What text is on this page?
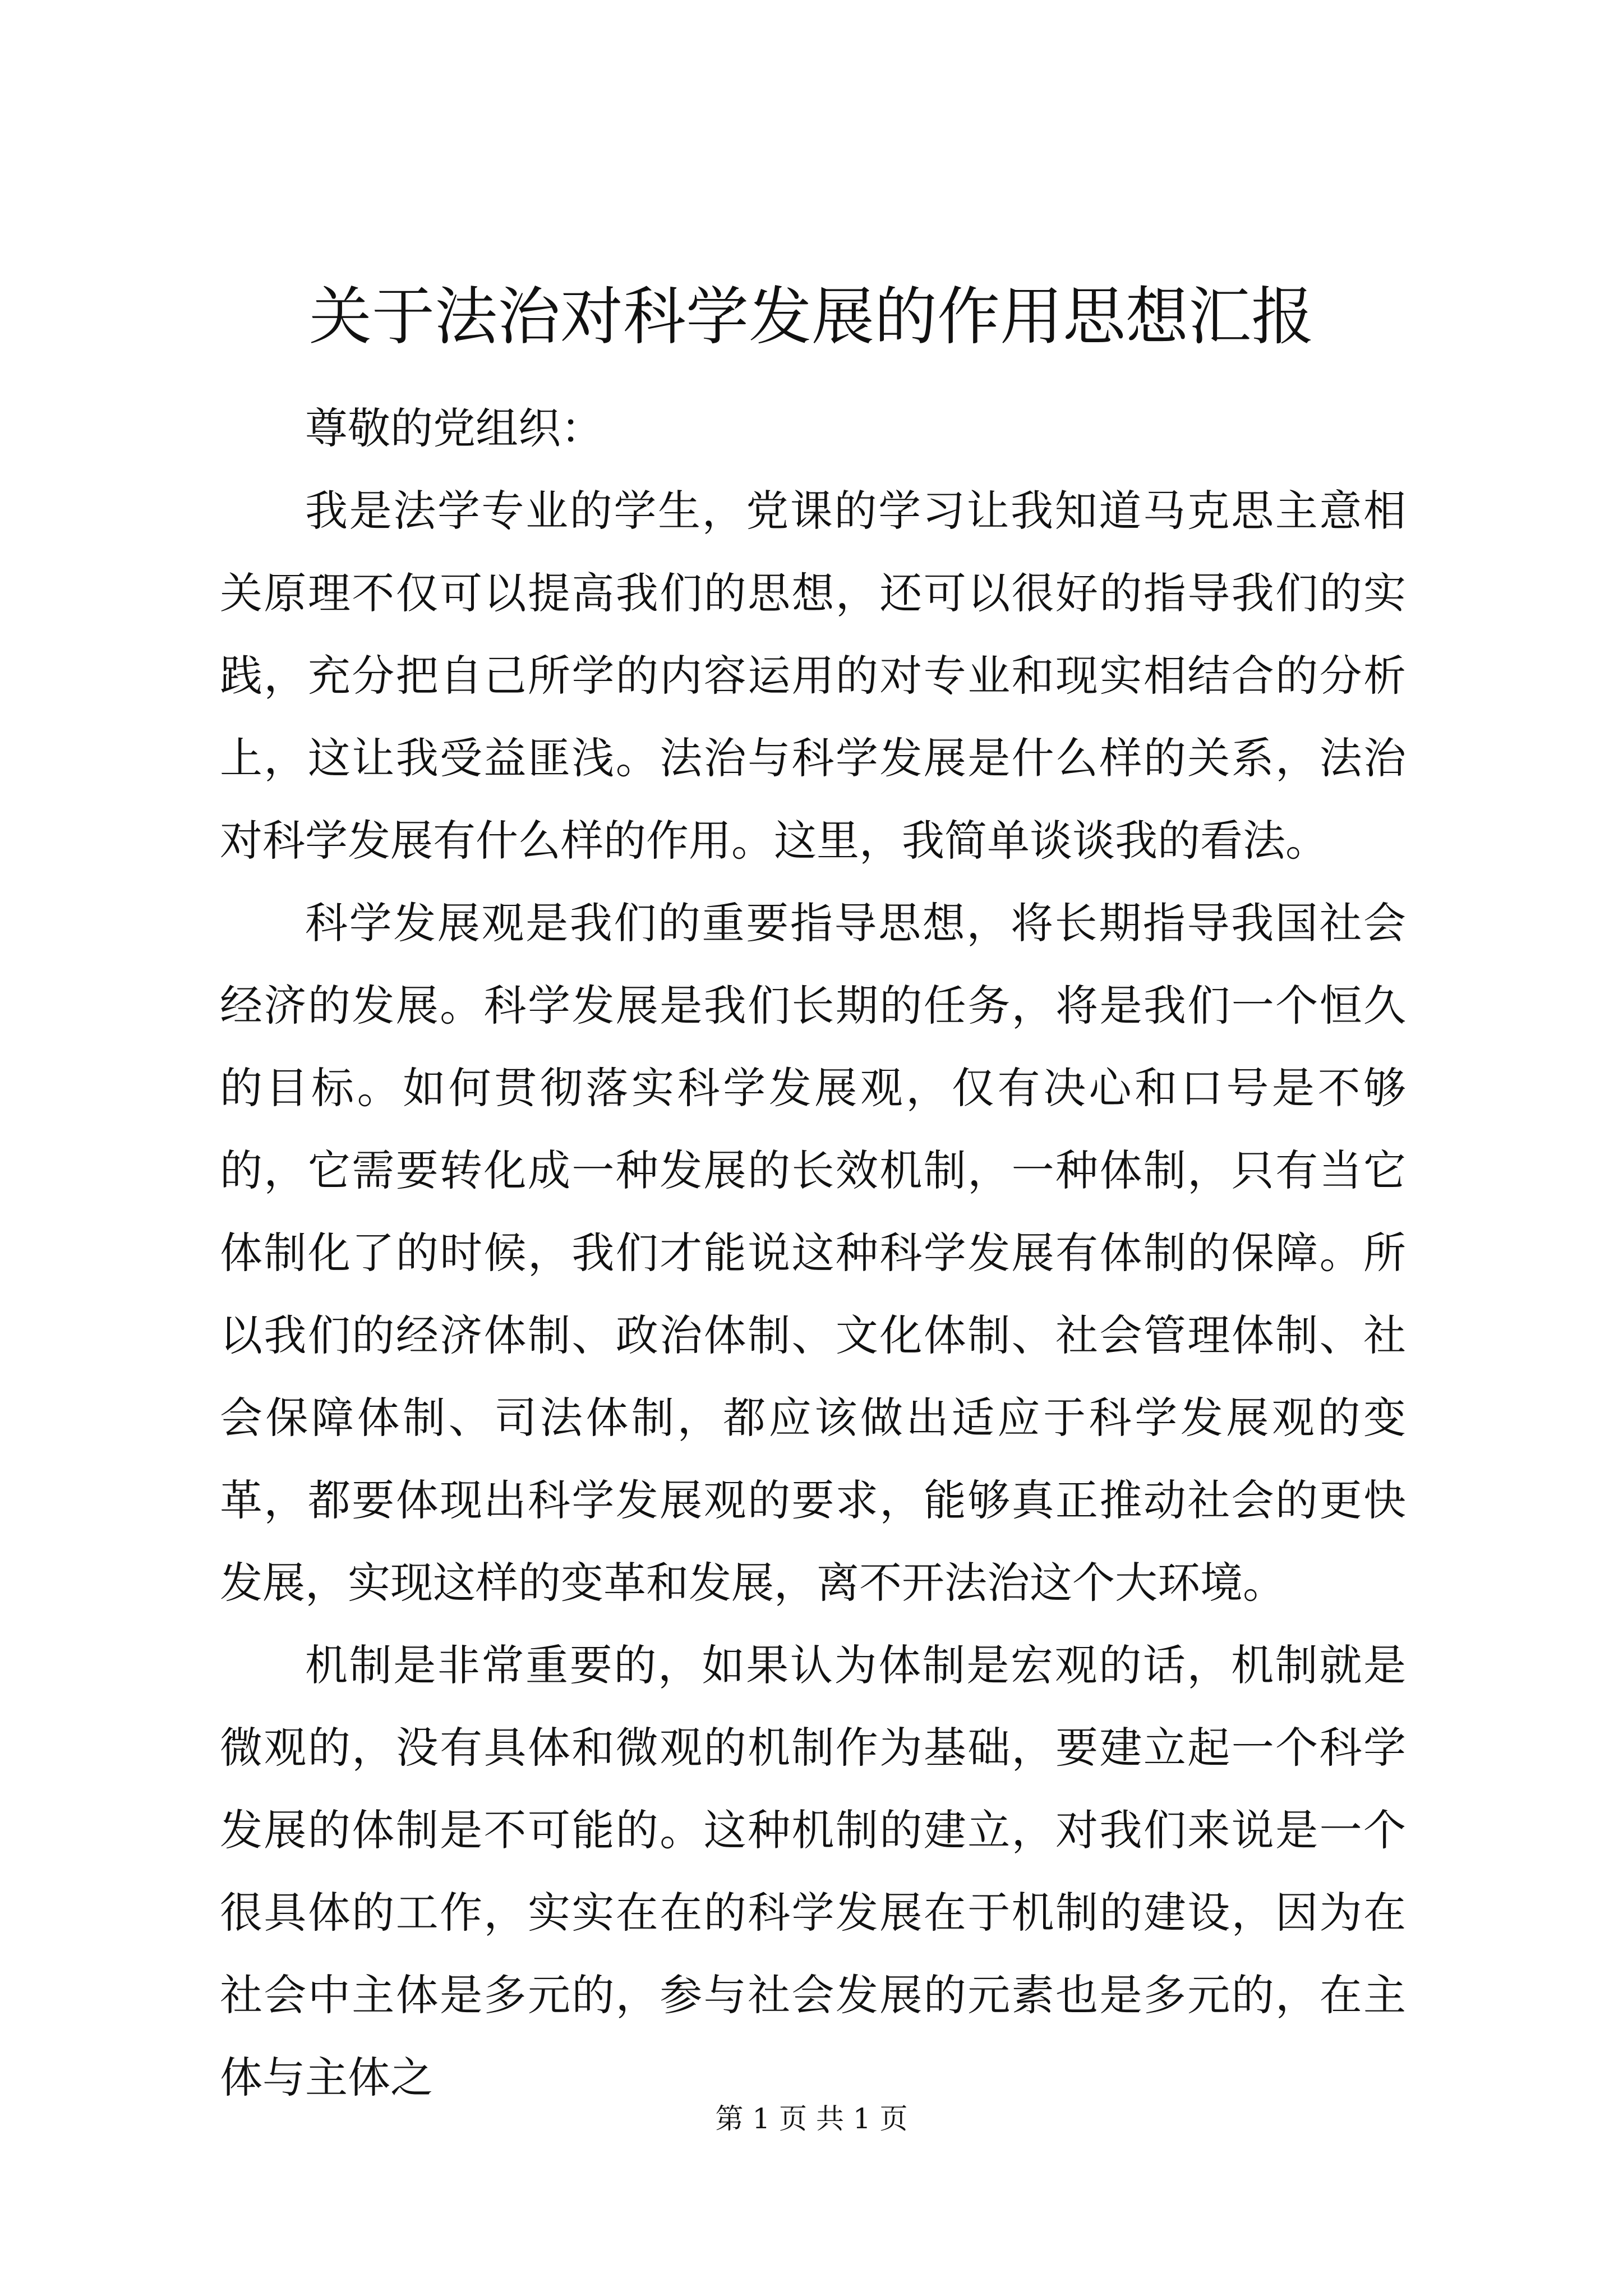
关于法治对科学发展的作用思想汇报

尊敬的党组织：

我是法学专业的学生，党课的学习让我知道马克思主意相关原理不仅可以提高我们的思想，还可以很好的指导我们的实践，充分把自己所学的内容运用的对专业和现实相结合的分析上，这让我受益匪浅。法治与科学发展是什么样的关系，法治对科学发展有什么样的作用。这里，我简单谈谈我的看法。

科学发展观是我们的重要指导思想，将长期指导我国社会经济的发展。科学发展是我们长期的任务，将是我们一个恒久的目标。如何贯彻落实科学发展观，仅有决心和口号是不够的，它需要转化成一种发展的长效机制，一种体制，只有当它体制化了的时候，我们才能说这种科学发展有体制的保障。所以我们的经济体制、政治体制、文化体制、社会管理体制、社会保障体制、司法体制，都应该做出适应于科学发展观的变革，都要体现出科学发展观的要求，能够真正推动社会的更快发展，实现这样的变革和发展，离不开法治这个大环境。

机制是非常重要的，如果认为体制是宏观的话，机制就是微观的，没有具体和微观的机制作为基础，要建立起一个科学发展的体制是不可能的。这种机制的建立，对我们来说是一个很具体的工作，实实在在的科学发展在于机制的建设，因为在社会中主体是多元的，参与社会发展的元素也是多元的，在主体与主体之

第 1 页 共 1 页
